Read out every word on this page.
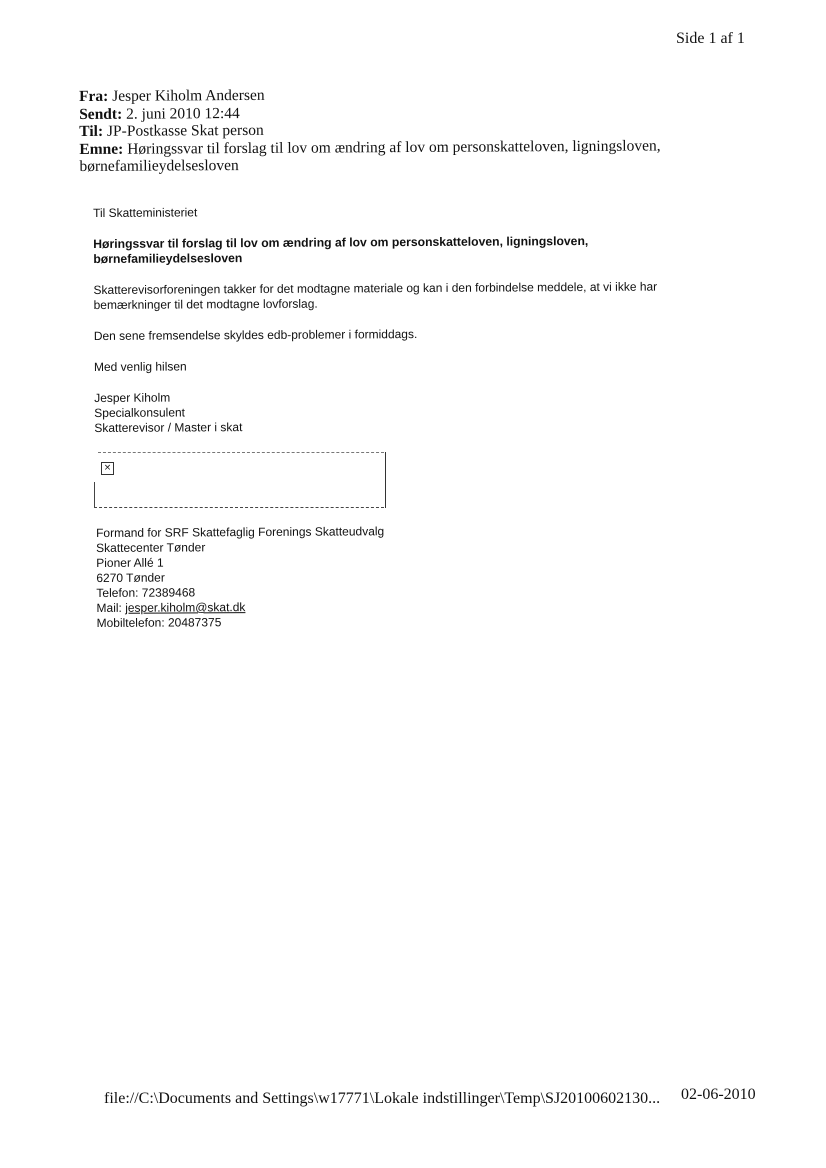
Side 1 af 1
Fra: Jesper Kiholm Andersen
Sendt: 2. juni 2010 12:44
Til: JP-Postkasse Skat person
Emne: Høringssvar til forslag til lov om ændring af lov om personskatteloven, ligningsloven,
børnefamilieydelsesloven

Til Skatteministeriet

Høringssvar til forslag til lov om ændring af lov om personskatteloven, ligningsloven,
børnefamilieydelsesloven

Skatterevisorforeningen takker for det modtagne materiale og kan i den forbindelse meddele, at vi ikke har
bemærkninger til det modtagne lovforslag.

Den sene fremsendelse skyldes edb-problemer i formiddags.

Med venlig hilsen

Jesper Kiholm
Specialkonsulent
Skatterevisor / Master i skat

×
Formand for SRF Skattefaglig Forenings Skatteudvalg
Skattecenter Tønder
Pioner Allé 1
6270 Tønder
Telefon: 72389468
Mail: jesper.kiholm@skat.dk
Mobiltelefon: 20487375
file://C:\Documents and Settings\w17771\Lokale indstillinger\Temp\SJ20100602130... 02-06-2010
